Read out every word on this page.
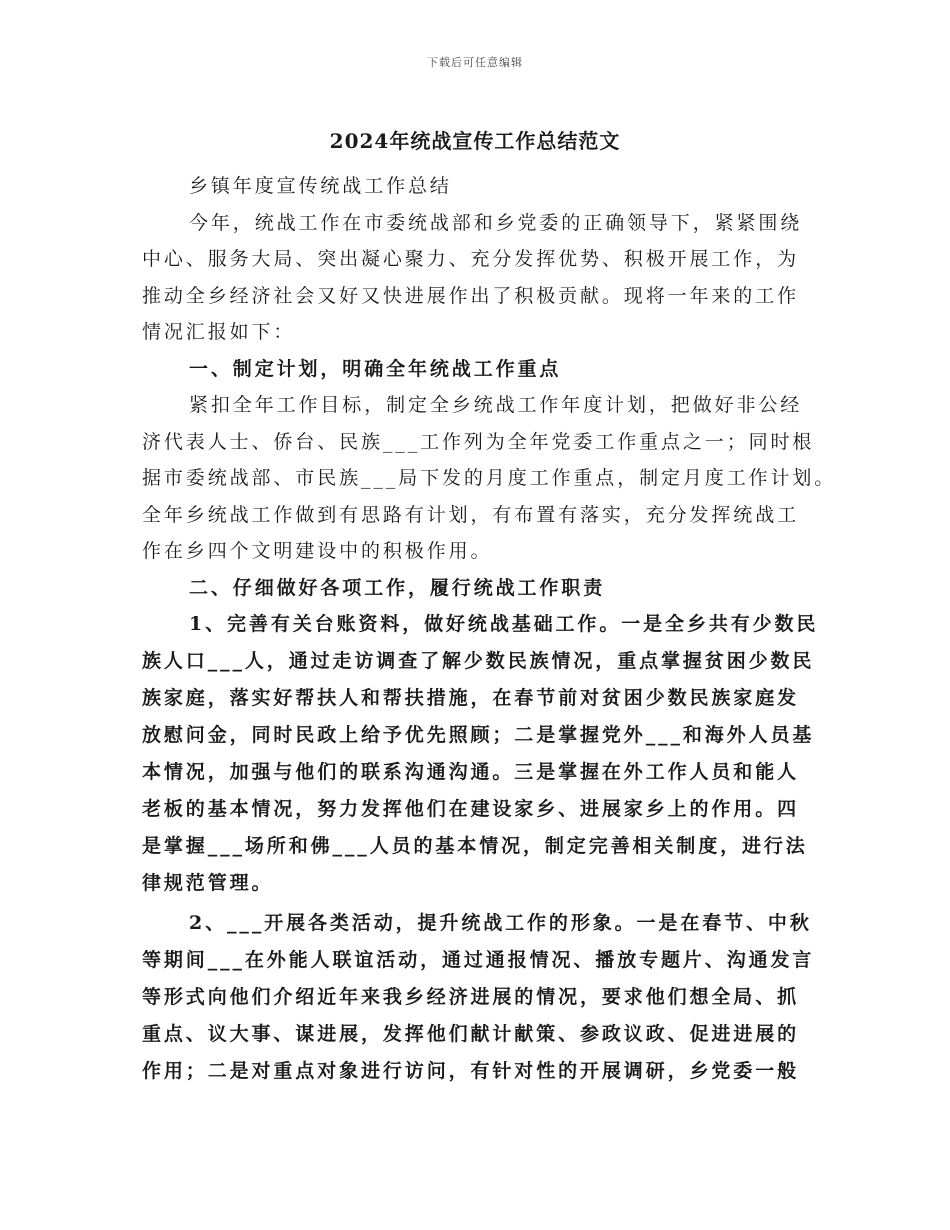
下载后可任意编辑
2024年统战宣传工作总结范文
乡镇年度宣传统战工作总结
今年，统战工作在市委统战部和乡党委的正确领导下，紧紧围绕
中心、服务大局、突出凝心聚力、充分发挥优势、积极开展工作，为
推动全乡经济社会又好又快进展作出了积极贡献。现将一年来的工作
情况汇报如下：
一、制定计划，明确全年统战工作重点
紧扣全年工作目标，制定全乡统战工作年度计划，把做好非公经
济代表人士、侨台、民族___工作列为全年党委工作重点之一；同时根
据市委统战部、市民族___局下发的月度工作重点，制定月度工作计划。
全年乡统战工作做到有思路有计划，有布置有落实，充分发挥统战工
作在乡四个文明建设中的积极作用。
二、仔细做好各项工作，履行统战工作职责
1、完善有关台账资料，做好统战基础工作。一是全乡共有少数民
族人口___人，通过走访调查了解少数民族情况，重点掌握贫困少数民
族家庭，落实好帮扶人和帮扶措施，在春节前对贫困少数民族家庭发
放慰问金，同时民政上给予优先照顾；二是掌握党外___和海外人员基
本情况，加强与他们的联系沟通沟通。三是掌握在外工作人员和能人
老板的基本情况，努力发挥他们在建设家乡、进展家乡上的作用。四
是掌握___场所和佛___人员的基本情况，制定完善相关制度，进行法
律规范管理。
2、___开展各类活动，提升统战工作的形象。一是在春节、中秋
等期间___在外能人联谊活动，通过通报情况、播放专题片、沟通发言
等形式向他们介绍近年来我乡经济进展的情况，要求他们想全局、抓
重点、议大事、谋进展，发挥他们献计献策、参政议政、促进进展的
作用；二是对重点对象进行访问，有针对性的开展调研，乡党委一般
